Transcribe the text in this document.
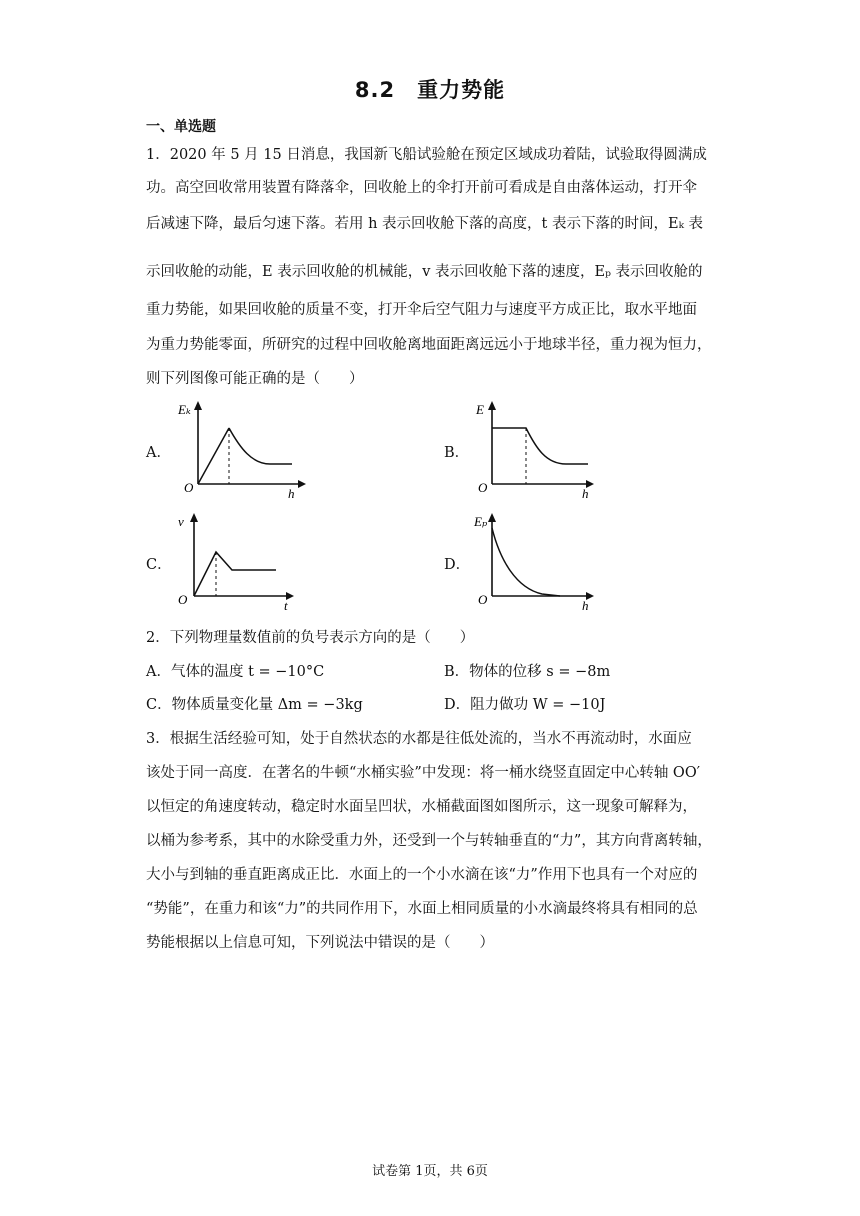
8.2　重力势能
一、单选题
1．2020 年 5 月 15 日消息，我国新飞船试验舱在预定区域成功着陆，试验取得圆满成
功。高空回收常用装置有降落伞，回收舱上的伞打开前可看成是自由落体运动，打开伞
后减速下降，最后匀速下落。若用 h 表示回收舱下落的高度，t 表示下落的时间，Eₖ 表
示回收舱的动能，E 表示回收舱的机械能，v 表示回收舱下落的速度，Eₚ 表示回收舱的
重力势能，如果回收舱的质量不变，打开伞后空气阻力与速度平方成正比，取水平地面
为重力势能零面，所研究的过程中回收舱离地面距离远远小于地球半径，重力视为恒力，
则下列图像可能正确的是（　　）
A．
Eₖ
O	h
B．
E
O	h
C．
v
O	t
D．
Eₚ
O	h
2．下列物理量数值前的负号表示方向的是（　　）
A．气体的温度 t = −10°C	B．物体的位移 s = −8m
C．物体质量变化量 Δm = −3kg	D．阻力做功 W = −10J
3．根据生活经验可知，处于自然状态的水都是往低处流的，当水不再流动时，水面应
该处于同一高度．在著名的牛顿“水桶实验”中发现：将一桶水绕竖直固定中心转轴 OO′
以恒定的角速度转动，稳定时水面呈凹状，水桶截面图如图所示，这一现象可解释为，
以桶为参考系，其中的水除受重力外，还受到一个与转轴垂直的“力”，其方向背离转轴，
大小与到轴的垂直距离成正比．水面上的一个小水滴在该“力”作用下也具有一个对应的
“势能”，在重力和该“力”的共同作用下，水面上相同质量的小水滴最终将具有相同的总
势能根据以上信息可知，下列说法中错误的是（　　）
试卷第 1页，共 6页
